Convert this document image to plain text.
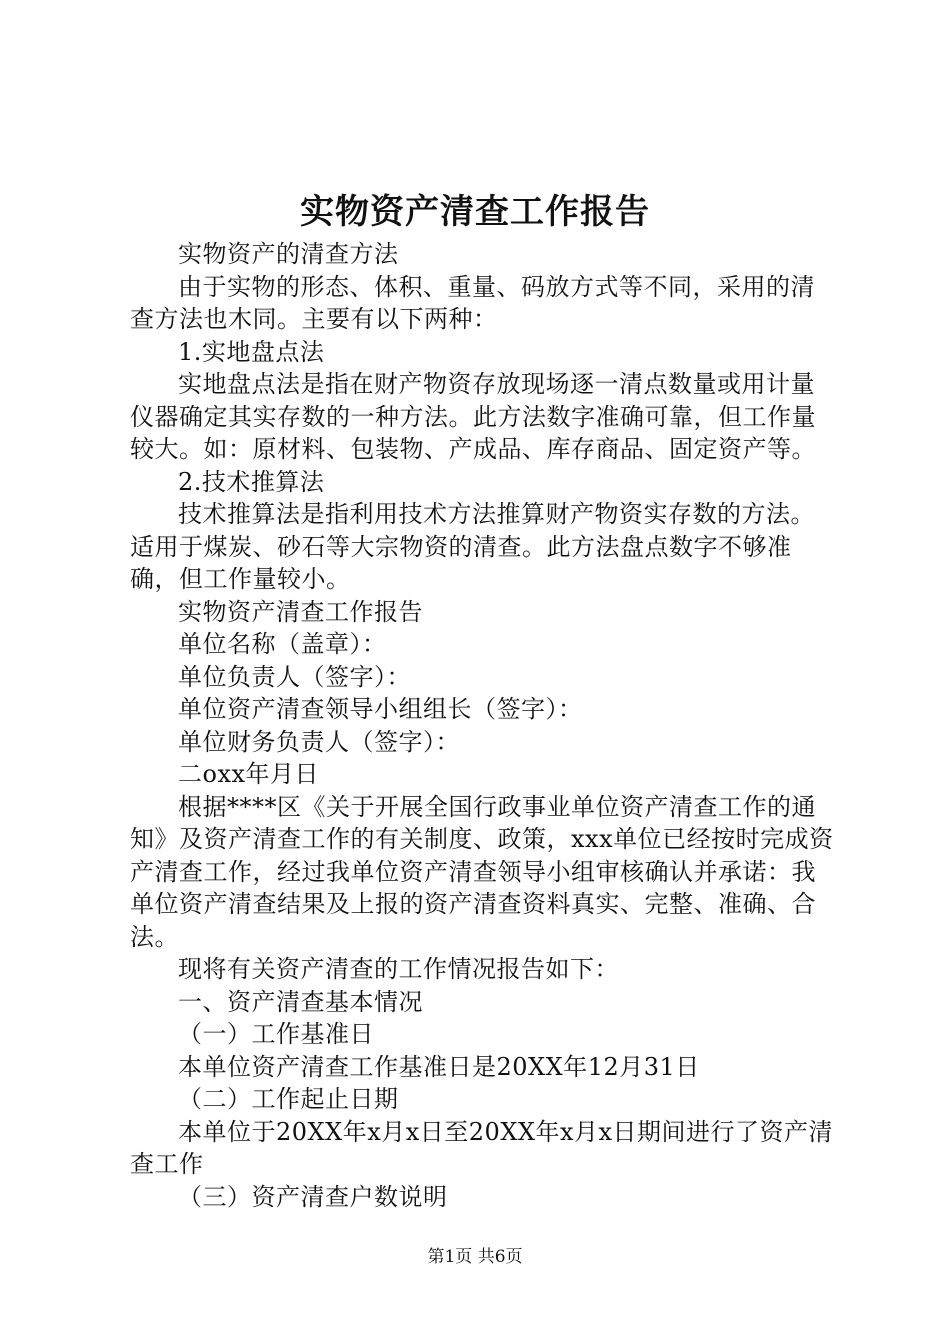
实物资产清查工作报告

实物资产的清查方法

由于实物的形态、体积、重量、码放方式等不同，采用的清查方法也木同。主要有以下两种：

1.实地盘点法

实地盘点法是指在财产物资存放现场逐一清点数量或用计量仪器确定其实存数的一种方法。此方法数字准确可靠，但工作量较大。如：原材料、包装物、产成品、库存商品、固定资产等。

2.技术推算法

技术推算法是指利用技术方法推算财产物资实存数的方法。适用于煤炭、砂石等大宗物资的清查。此方法盘点数字不够准确，但工作量较小。

实物资产清查工作报告

单位名称（盖章）：

单位负责人（签字）：

单位资产清查领导小组组长（签字）：

单位财务负责人（签字）：

二oxx年月日

根据****区《关于开展全国行政事业单位资产清查工作的通知》及资产清查工作的有关制度、政策，xxx单位已经按时完成资产清查工作，经过我单位资产清查领导小组审核确认并承诺：我单位资产清查结果及上报的资产清查资料真实、完整、准确、合法。

现将有关资产清查的工作情况报告如下：

一、资产清查基本情况

（一）工作基准日

本单位资产清查工作基准日是20XX年12月31日

（二）工作起止日期

本单位于20XX年x月x日至20XX年x月x日期间进行了资产清查工作

（三）资产清查户数说明

第1页 共6页
